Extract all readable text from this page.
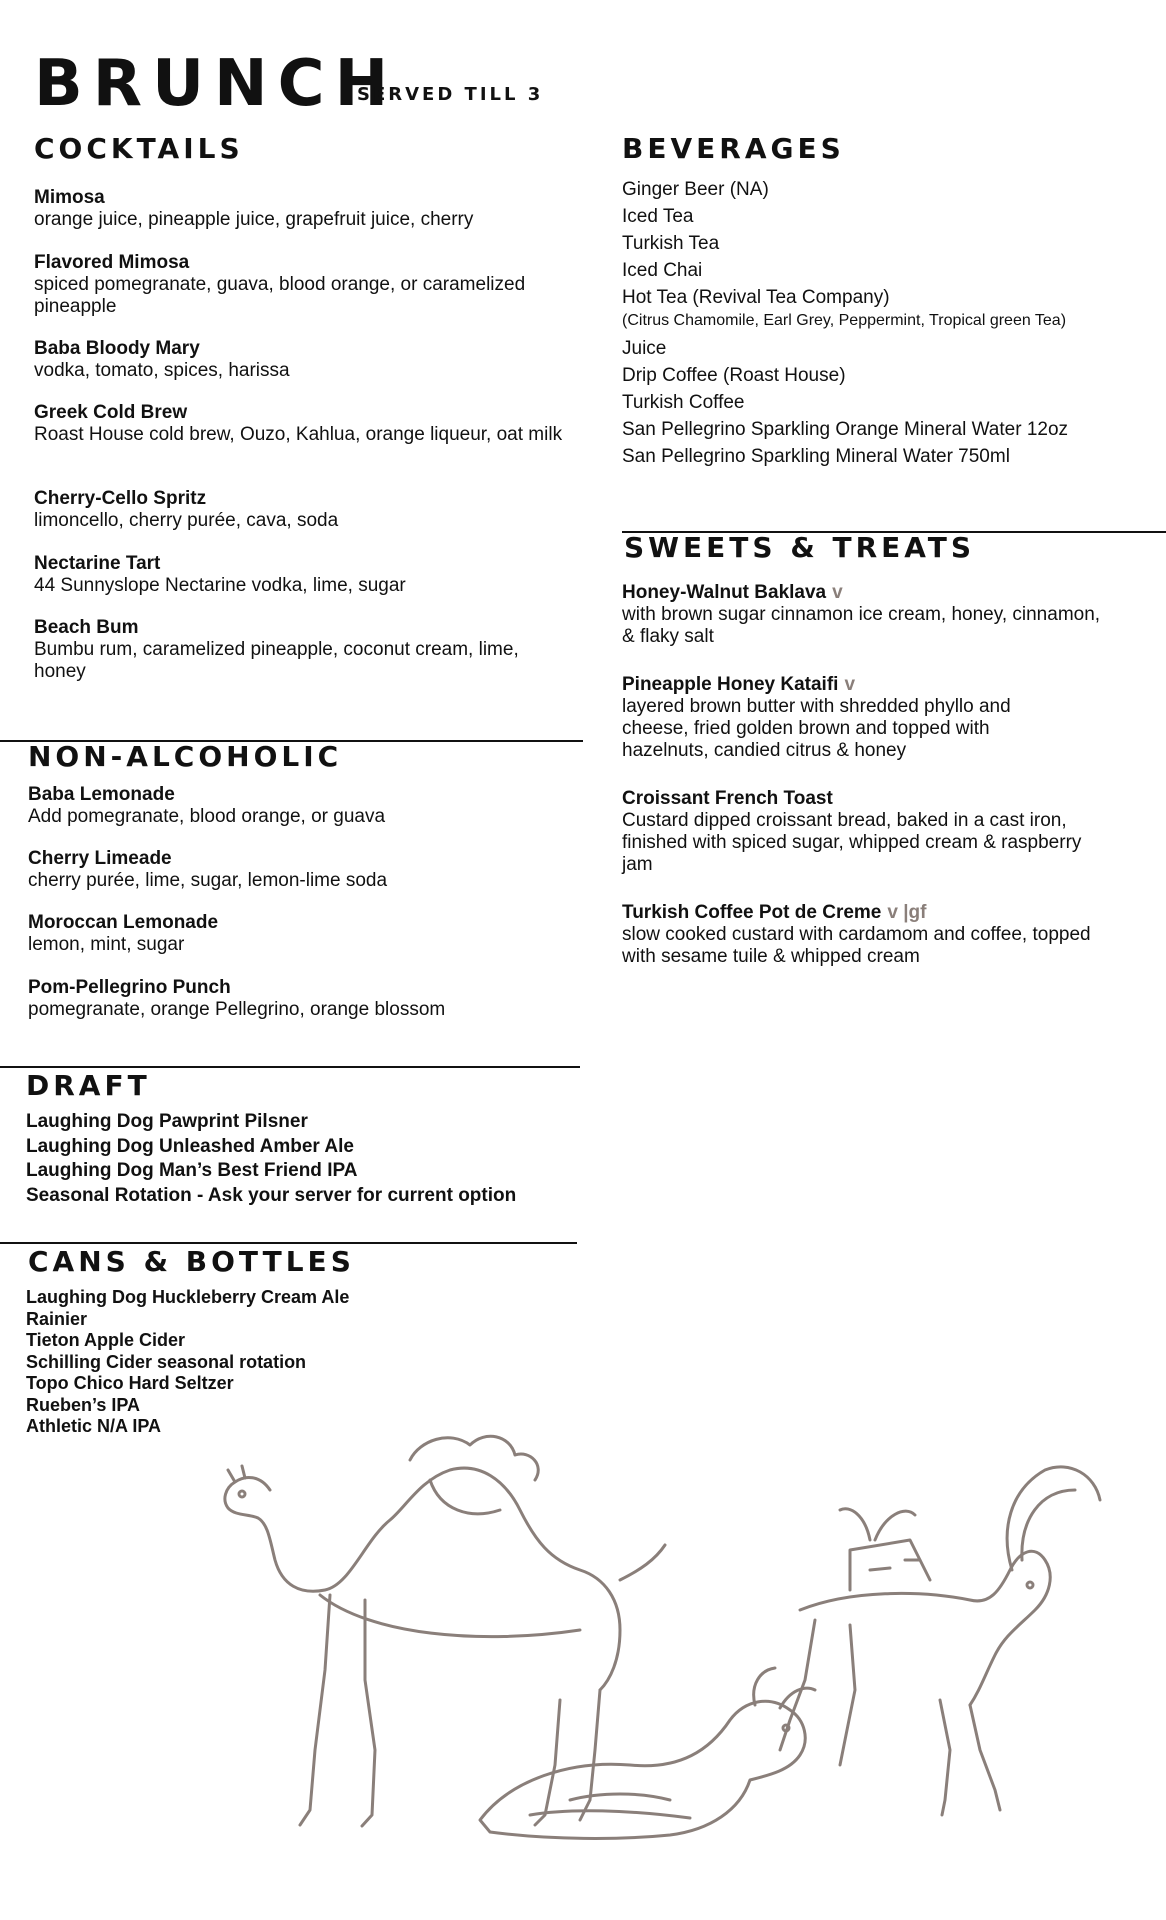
BRUNCH
SERVED TILL 3
COCKTAILS
Mimosa
orange juice, pineapple juice, grapefruit juice, cherry
Flavored Mimosa
spiced pomegranate, guava, blood orange, or caramelized pineapple
Baba Bloody Mary
vodka, tomato, spices, harissa
Greek Cold Brew
Roast House cold brew, Ouzo, Kahlua, orange liqueur, oat milk
Cherry-Cello Spritz
limoncello, cherry purée, cava, soda
Nectarine Tart
44 Sunnyslope Nectarine vodka, lime, sugar
Beach Bum
Bumbu rum, caramelized pineapple, coconut cream, lime, honey
NON-ALCOHOLIC
Baba Lemonade
Add pomegranate, blood orange, or guava
Cherry Limeade
cherry purée, lime, sugar, lemon-lime soda
Moroccan Lemonade
lemon, mint, sugar
Pom-Pellegrino Punch
pomegranate, orange Pellegrino, orange blossom
DRAFT
Laughing Dog Pawprint Pilsner
Laughing Dog Unleashed Amber Ale
Laughing Dog Man’s Best Friend IPA
Seasonal Rotation - Ask your server for current option
CANS & BOTTLES
Laughing Dog Huckleberry Cream Ale
Rainier
Tieton Apple Cider
Schilling Cider seasonal rotation
Topo Chico Hard Seltzer
Rueben’s IPA
Athletic N/A IPA
BEVERAGES
Ginger Beer (NA)
Iced Tea
Turkish Tea
Iced Chai
Hot Tea (Revival Tea Company)
(Citrus Chamomile, Earl Grey, Peppermint, Tropical green Tea)
Juice
Drip Coffee (Roast House)
Turkish Coffee
San Pellegrino Sparkling Orange Mineral Water 12oz
San Pellegrino Sparkling Mineral Water 750ml
SWEETS & TREATS
Honey-Walnut Baklava v
with brown sugar cinnamon ice cream, honey, cinnamon, & flaky salt
Pineapple Honey Kataifi v
layered brown butter with shredded phyllo and cheese, fried golden brown and topped with hazelnuts, candied citrus & honey
Croissant French Toast
Custard dipped croissant bread, baked in a cast iron, finished with spiced sugar, whipped cream & raspberry jam
Turkish Coffee Pot de Creme v |gf
slow cooked custard with cardamom and coffee, topped with sesame tuile & whipped cream
